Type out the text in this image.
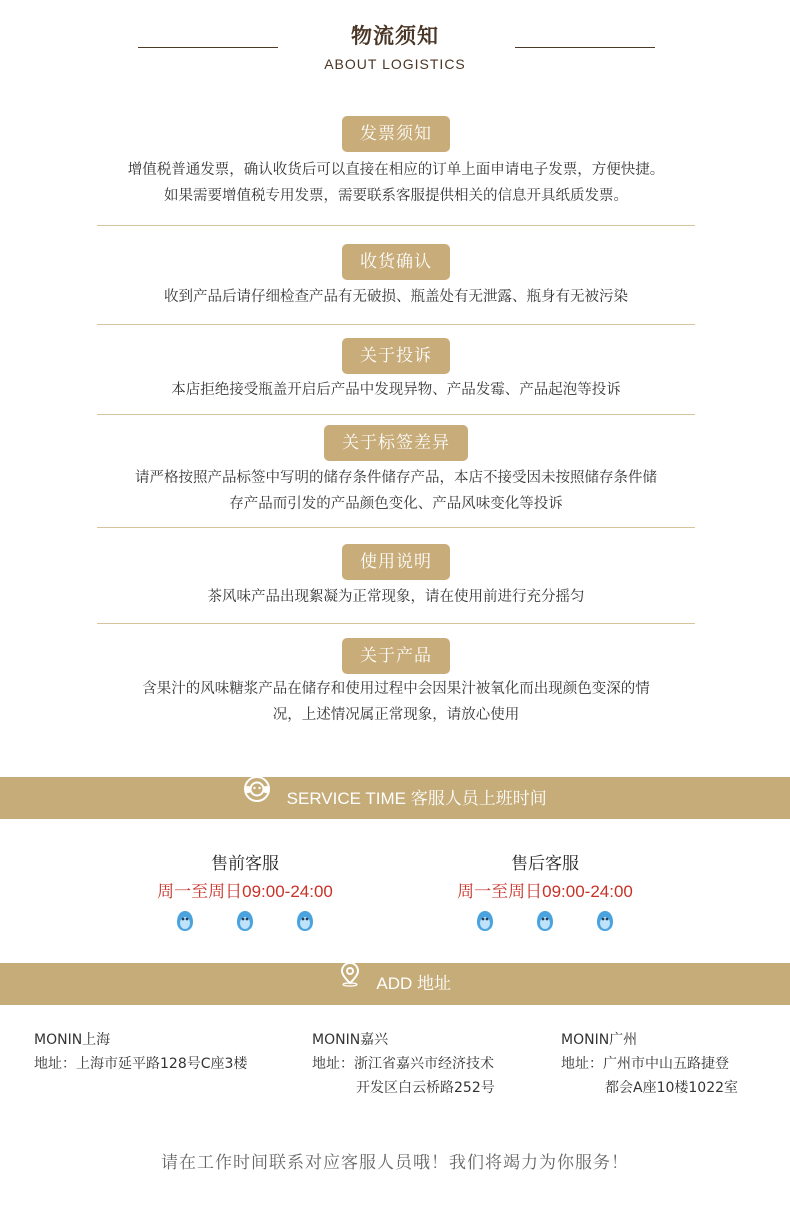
物流须知
ABOUT LOGISTICS
发票须知
增值税普通发票，确认收货后可以直接在相应的订单上面申请电子发票，方便快捷。
如果需要增值税专用发票，需要联系客服提供相关的信息开具纸质发票。
收货确认
收到产品后请仔细检查产品有无破损、瓶盖处有无泄露、瓶身有无被污染
关于投诉
本店拒绝接受瓶盖开启后产品中发现异物、产品发霉、产品起泡等投诉
关于标签差异
请严格按照产品标签中写明的储存条件储存产品，本店不接受因未按照储存条件储
存产品而引发的产品颜色变化、产品风味变化等投诉
使用说明
茶风味产品出现絮凝为正常现象，请在使用前进行充分摇匀
关于产品
含果汁的风味糖浆产品在储存和使用过程中会因果汁被氧化而出现颜色变深的情
况，上述情况属正常现象，请放心使用
SERVICE TIME 客服人员上班时间
售前客服
周一至周日09:00-24:00
售后客服
周一至周日09:00-24:00
ADD 地址
MONIN上海
地址：上海市延平路128号C座3楼
MONIN嘉兴
地址：浙江省嘉兴市经济技术
开发区白云桥路252号
MONIN广州
地址：广州市中山五路捷登
都会A座10楼1022室
请在工作时间联系对应客服人员哦！我们将竭力为你服务！
